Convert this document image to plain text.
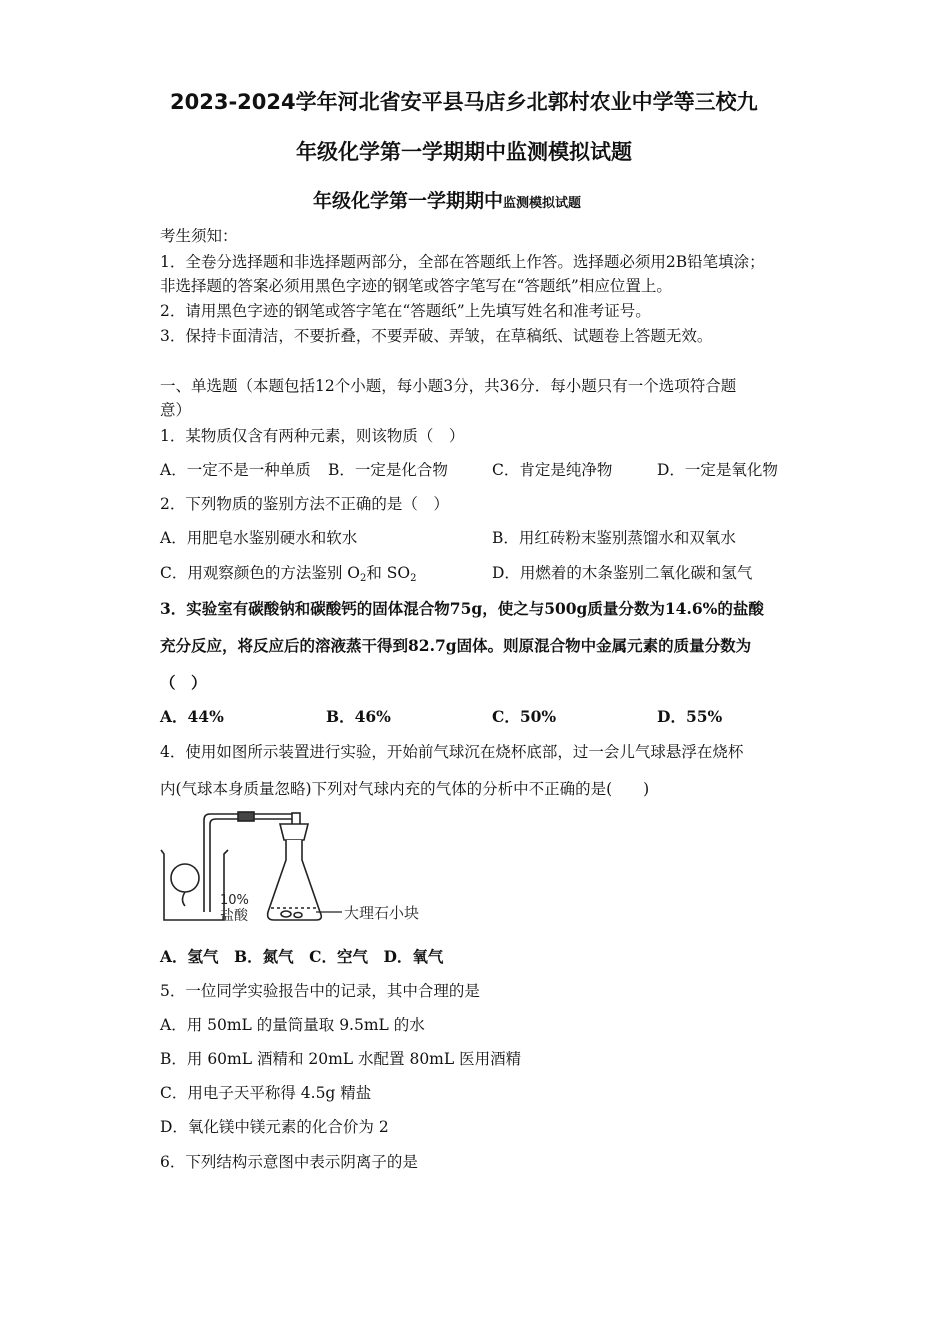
2023-2024学年河北省安平县马店乡北郭村农业中学等三校九
年级化学第一学期期中监测模拟试题
年级化学第一学期期中监测模拟试题
考生须知：
1．全卷分选择题和非选择题两部分，全部在答题纸上作答。选择题必须用2B铅笔填涂；
非选择题的答案必须用黑色字迹的钢笔或答字笔写在“答题纸”相应位置上。
2．请用黑色字迹的钢笔或答字笔在“答题纸”上先填写姓名和准考证号。
3．保持卡面清洁，不要折叠，不要弄破、弄皱，在草稿纸、试题卷上答题无效。
一、单选题（本题包括12个小题，每小题3分，共36分．每小题只有一个选项符合题
意）
1．某物质仅含有两种元素，则该物质（　）
A．一定不是一种单质 B．一定是化合物	C．肯定是纯净物	D．一定是氧化物
2．下列物质的鉴别方法不正确的是（　）
A．用肥皂水鉴别硬水和软水	B．用红砖粉末鉴别蒸馏水和双氧水
C．用观察颜色的方法鉴别 $O_2$和 $SO_2$	D．用燃着的木条鉴别二氧化碳和氢气
3．实验室有碳酸钠和碳酸钙的固体混合物75g，使之与500g质量分数为14.6%的盐酸
充分反应，将反应后的溶液蒸干得到82.7g固体。则原混合物中金属元素的质量分数为
（　）
A．44%	B．46%	C．50%	D．55%
4．使用如图所示装置进行实验，开始前气球沉在烧杯底部，过一会儿气球悬浮在烧杯
内(气球本身质量忽略)下列对气球内充的气体的分析中不正确的是(　　)
10%
盐酸	大理石小块
A．氢气　B．氮气　C．空气　D．氧气
5．一位同学实验报告中的记录，其中合理的是
A．用 50mL 的量筒量取 9.5mL 的水
B．用 60mL 酒精和 20mL 水配置 80mL 医用酒精
C．用电子天平称得 4.5g 精盐
D．氧化镁中镁元素的化合价为 2
6．下列结构示意图中表示阴离子的是
